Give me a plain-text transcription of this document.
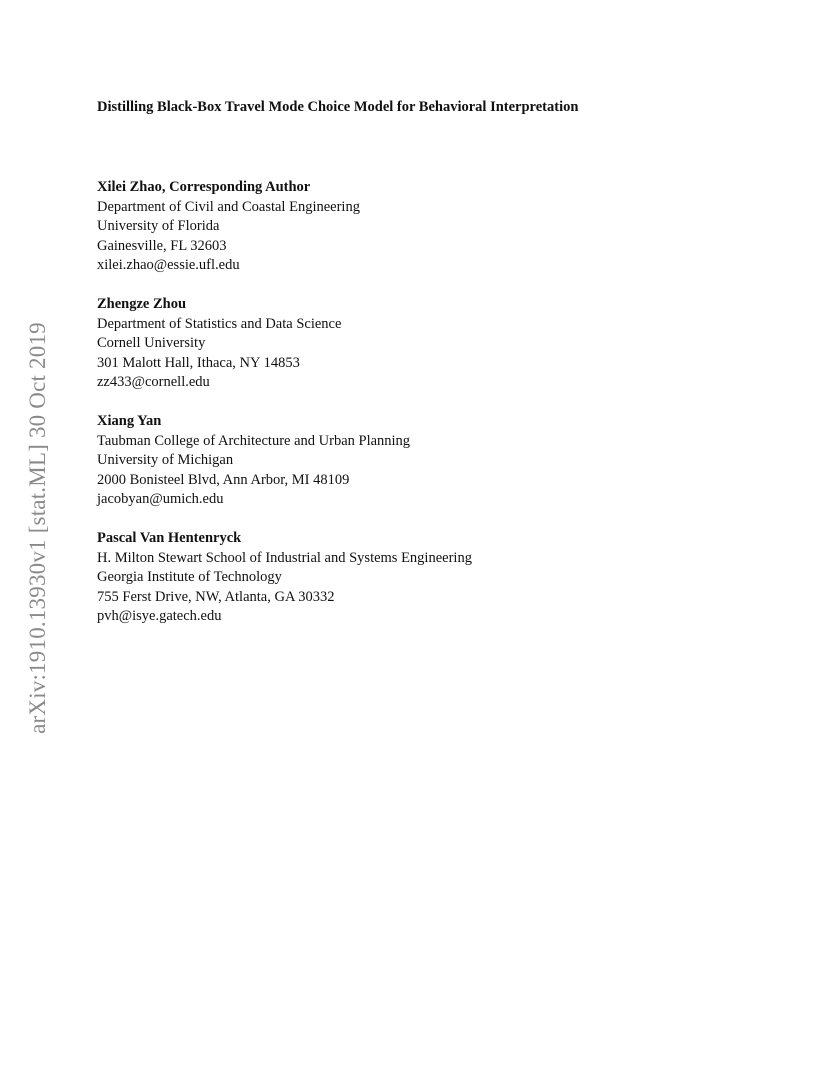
Distilling Black-Box Travel Mode Choice Model for Behavioral Interpretation
Xilei Zhao, Corresponding Author
Department of Civil and Coastal Engineering
University of Florida
Gainesville, FL 32603
xilei.zhao@essie.ufl.edu
Zhengze Zhou
Department of Statistics and Data Science
Cornell University
301 Malott Hall, Ithaca, NY 14853
zz433@cornell.edu
Xiang Yan
Taubman College of Architecture and Urban Planning
University of Michigan
2000 Bonisteel Blvd, Ann Arbor, MI 48109
jacobyan@umich.edu
Pascal Van Hentenryck
H. Milton Stewart School of Industrial and Systems Engineering
Georgia Institute of Technology
755 Ferst Drive, NW, Atlanta, GA 30332
pvh@isye.gatech.edu
arXiv:1910.13930v1 [stat.ML] 30 Oct 2019
